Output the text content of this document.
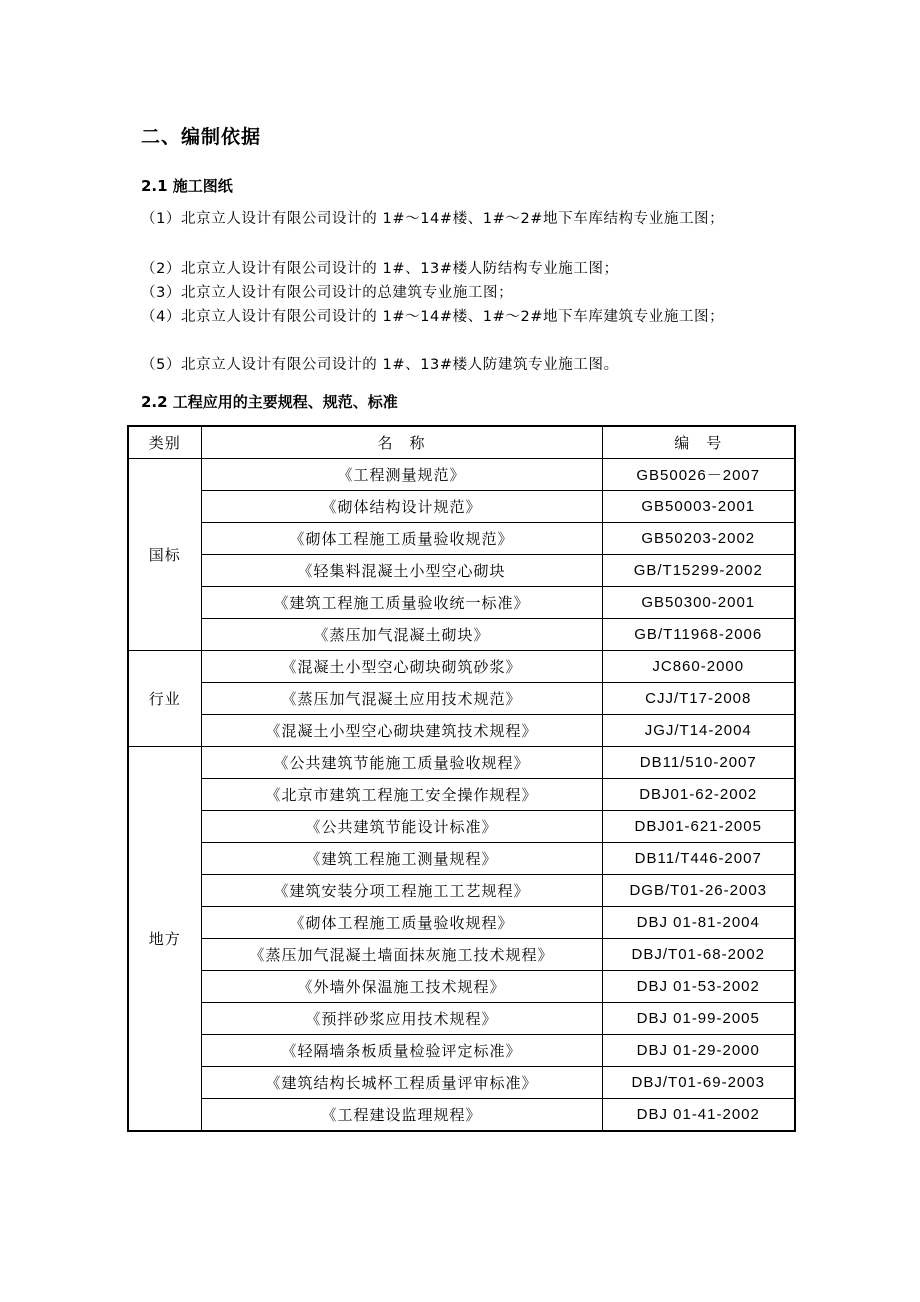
二、编制依据
2.1 施工图纸
（1）北京立人设计有限公司设计的 1#～14#楼、1#～2#地下车库结构专业施工图；
（2）北京立人设计有限公司设计的 1#、13#楼人防结构专业施工图；
（3）北京立人设计有限公司设计的总建筑专业施工图；
（4）北京立人设计有限公司设计的 1#～14#楼、1#～2#地下车库建筑专业施工图；
（5）北京立人设计有限公司设计的 1#、13#楼人防建筑专业施工图。
2.2 工程应用的主要规程、规范、标准
类别	名　称	编　号
国标	《工程测量规范》	GB50026－2007
	《砌体结构设计规范》	GB50003-2001
	《砌体工程施工质量验收规范》	GB50203-2002
	《轻集料混凝土小型空心砌块	GB/T15299-2002
	《建筑工程施工质量验收统一标准》	GB50300-2001
	《蒸压加气混凝土砌块》	GB/T11968-2006
行业	《混凝土小型空心砌块砌筑砂浆》	JC860-2000
	《蒸压加气混凝土应用技术规范》	CJJ/T17-2008
	《混凝土小型空心砌块建筑技术规程》	JGJ/T14-2004
地方	《公共建筑节能施工质量验收规程》	DB11/510-2007
	《北京市建筑工程施工安全操作规程》	DBJ01-62-2002
	《公共建筑节能设计标准》	DBJ01-621-2005
	《建筑工程施工测量规程》	DB11/T446-2007
	《建筑安装分项工程施工工艺规程》	DGB/T01-26-2003
	《砌体工程施工质量验收规程》	DBJ 01-81-2004
	《蒸压加气混凝土墙面抹灰施工技术规程》	DBJ/T01-68-2002
	《外墙外保温施工技术规程》	DBJ 01-53-2002
	《预拌砂浆应用技术规程》	DBJ 01-99-2005
	《轻隔墙条板质量检验评定标准》	DBJ 01-29-2000
	《建筑结构长城杯工程质量评审标准》	DBJ/T01-69-2003
	《工程建设监理规程》	DBJ 01-41-2002
